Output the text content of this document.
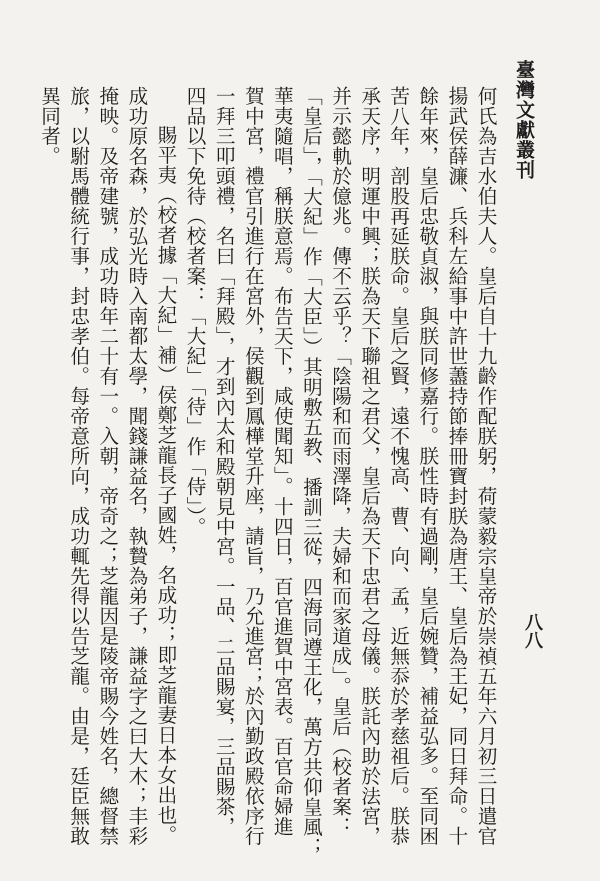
臺灣文獻叢刊
八八
何氏為吉水伯夫人。皇后自十九齡作配朕躬，荷蒙毅宗皇帝於崇禎五年六月初三日遣官
揚武侯薛濂、兵科左給事中許世藎持節捧冊寶封朕為唐王、皇后為王妃，同日拜命。十
餘年來，皇后忠敬貞淑，與朕同修嘉行。朕性時有過剛，皇后婉贊，補益弘多。至同困
苦八年，剖股再延朕命。皇后之賢，遠不愧高、曹、向、孟，近無忝於孝慈祖后。朕恭
承天序，明運中興；朕為天下聯祖之君父，皇后為天下忠君之母儀。朕託內助於法宮，
并示懿軌於億兆。傳不云乎？「陰陽和而雨澤降，夫婦和而家道成」。皇后（校者案：
「皇后」，「大紀」作「大臣」）其明敷五教、播訓三從，四海同遵王化，萬方共仰皇風；
華夷隨唱，稱朕意焉。布告天下，咸使聞知」。十四日，百官進賀中宮表。百官命婦進
賀中宮，禮官引進行在宮外，侯觀到鳳樺堂升座，請旨，乃允進宮；於內勤政殿依序行
一拜三叩頭禮，名曰「拜殿」，才到內太和殿朝見中宮。一品、二品賜宴，三品賜茶，
四品以下免待（校者案：「大紀」「待」作「侍」）。
賜平夷（校者據「大紀」補）侯鄭芝龍長子國姓，名成功；即芝龍妻日本女出也。
成功原名森，於弘光時入南都太學，聞錢謙益名，執贄為弟子，謙益字之曰大木；丰彩
掩映。及帝建號，成功時年二十有一。入朝，帝奇之；芝龍因是陵帝賜今姓名，總督禁
旅，以駙馬體統行事，封忠孝伯。每帝意所向，成功輒先得以告芝龍。由是，廷臣無敢
異同者。
